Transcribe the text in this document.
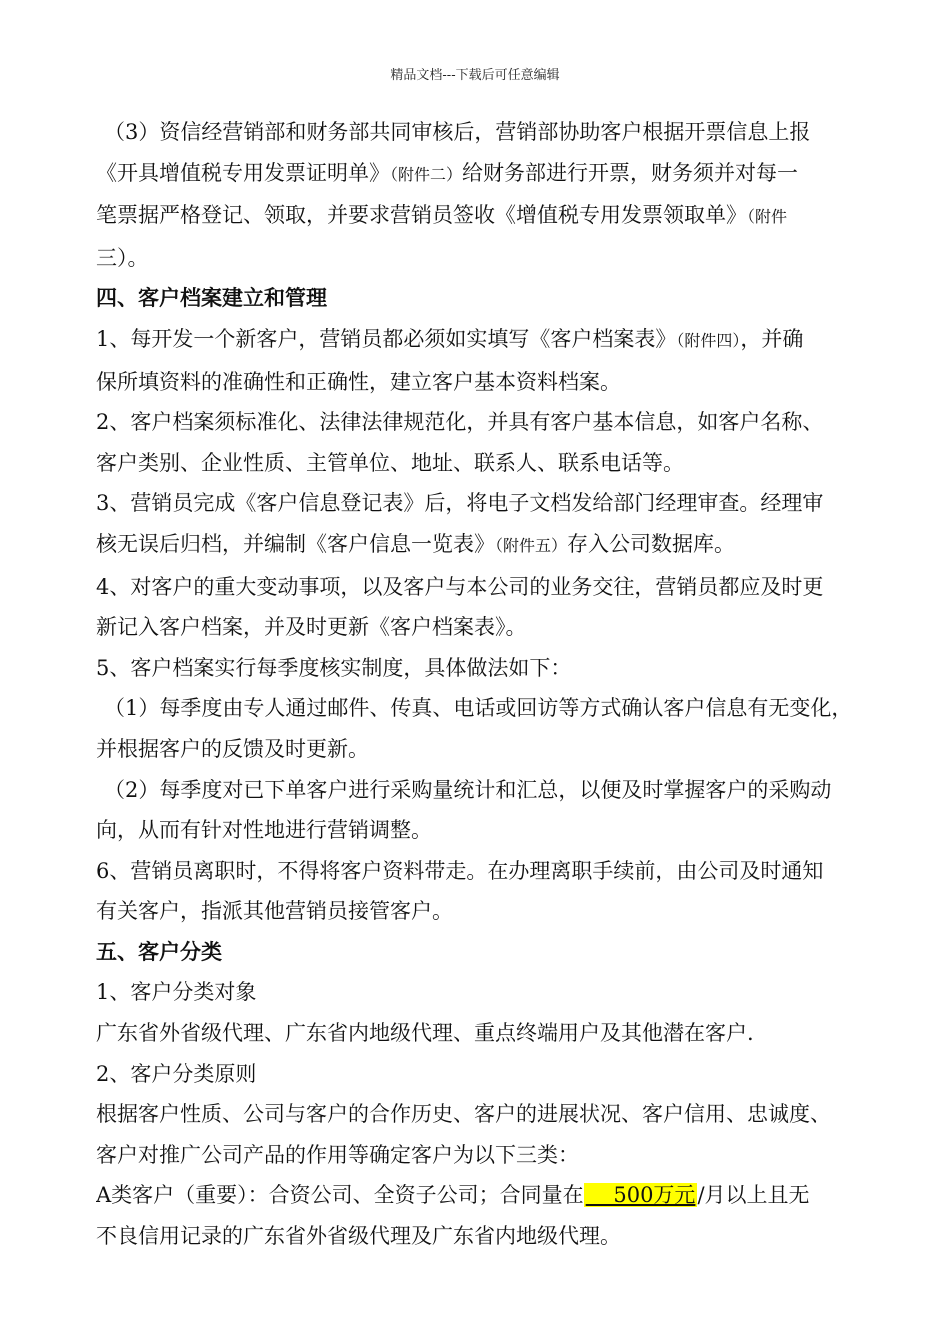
精品文档---下载后可任意编辑

（3）资信经营销部和财务部共同审核后，营销部协助客户根据开票信息上报

《开具增值税专用发票证明单》（附件二）给财务部进行开票，财务须并对每一

笔票据严格登记、领取，并要求营销员签收《增值税专用发票领取单》（附件

三）。

四、客户档案建立和管理

1、每开发一个新客户，营销员都必须如实填写《客户档案表》（附件四），并确

保所填资料的准确性和正确性，建立客户基本资料档案。

2、客户档案须标准化、法律法律规范化，并具有客户基本信息，如客户名称、

客户类别、企业性质、主管单位、地址、联系人、联系电话等。

3、营销员完成《客户信息登记表》后，将电子文档发给部门经理审查。经理审

核无误后归档，并编制《客户信息一览表》（附件五）存入公司数据库。

4、对客户的重大变动事项，以及客户与本公司的业务交往，营销员都应及时更

新记入客户档案，并及时更新《客户档案表》。

5、客户档案实行每季度核实制度，具体做法如下：

（1）每季度由专人通过邮件、传真、电话或回访等方式确认客户信息有无变化，

并根据客户的反馈及时更新。

（2）每季度对已下单客户进行采购量统计和汇总，以便及时掌握客户的采购动

向，从而有针对性地进行营销调整。

6、营销员离职时，不得将客户资料带走。在办理离职手续前，由公司及时通知

有关客户，指派其他营销员接管客户。

五、客户分类

1、客户分类对象

广东省外省级代理、广东省内地级代理、重点终端用户及其他潜在客户.

2、客户分类原则

根据客户性质、公司与客户的合作历史、客户的进展状况、客户信用、忠诚度、

客户对推广公司产品的作用等确定客户为以下三类：

A类客户（重要）：合资公司、全资子公司；合同量在　 500万元/月以上且无

不良信用记录的广东省外省级代理及广东省内地级代理。
